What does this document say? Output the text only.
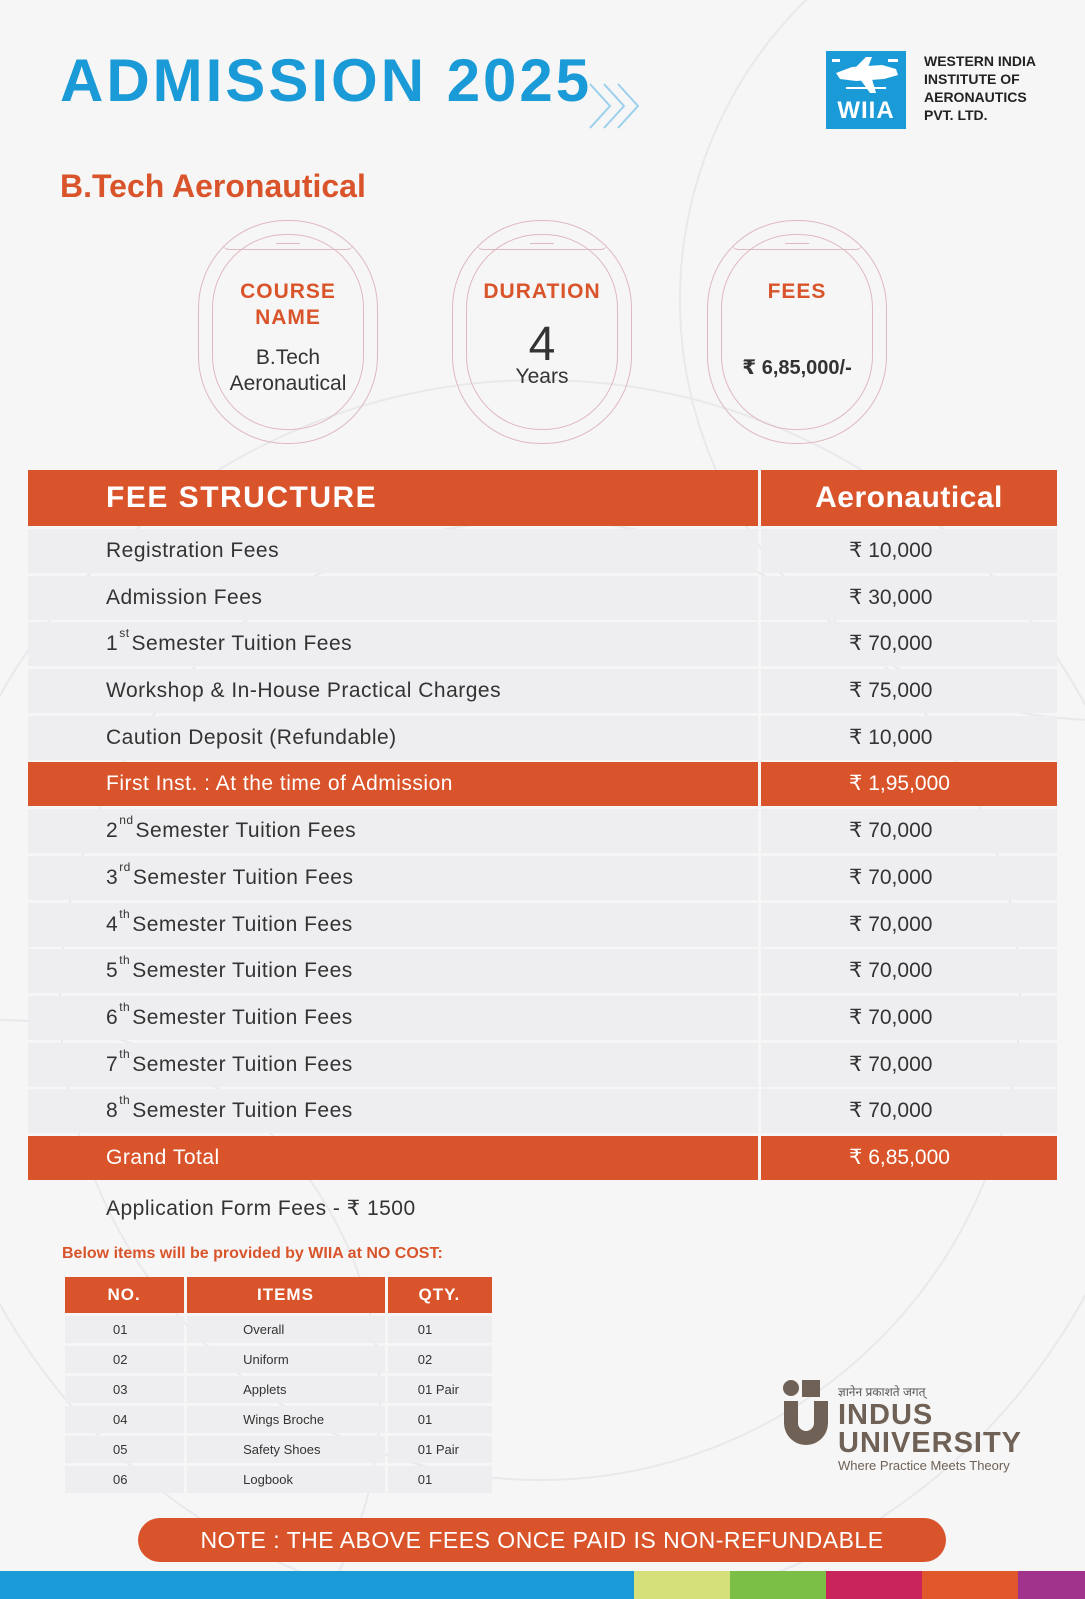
ADMISSION 2025	WIIA
WESTERN INDIA
INSTITUTE OF
AERONAUTICS
PVT. LTD.
B.Tech Aeronautical
COURSE
NAME
B.Tech
Aeronautical
DURATION
4
Years
FEES
₹ 6,85,000/-
FEE STRUCTURE	Aeronautical
Registration Fees	₹ 10,000
Admission Fees	₹ 30,000
1stSemester Tuition Fees	₹ 70,000
Workshop & In-House Practical Charges	₹ 75,000
Caution Deposit (Refundable)	₹ 10,000
First Inst. : At the time of Admission	₹ 1,95,000
2ndSemester Tuition Fees	₹ 70,000
3rdSemester Tuition Fees	₹ 70,000
4thSemester Tuition Fees	₹ 70,000
5thSemester Tuition Fees	₹ 70,000
6thSemester Tuition Fees	₹ 70,000
7thSemester Tuition Fees	₹ 70,000
8thSemester Tuition Fees	₹ 70,000
Grand Total	₹ 6,85,000
Application Form Fees - ₹ 1500
Below items will be provided by WIIA at NO COST:
NO.	ITEMS	QTY.
01	Overall	01
02	Uniform	02
03	Applets	01 Pair
04	Wings Broche	01
05	Safety Shoes	01 Pair
06	Logbook	01
ज्ञानेन प्रकाशते जगत्
INDUS
UNIVERSITY
Where Practice Meets Theory
NOTE : THE ABOVE FEES ONCE PAID IS NON-REFUNDABLE
